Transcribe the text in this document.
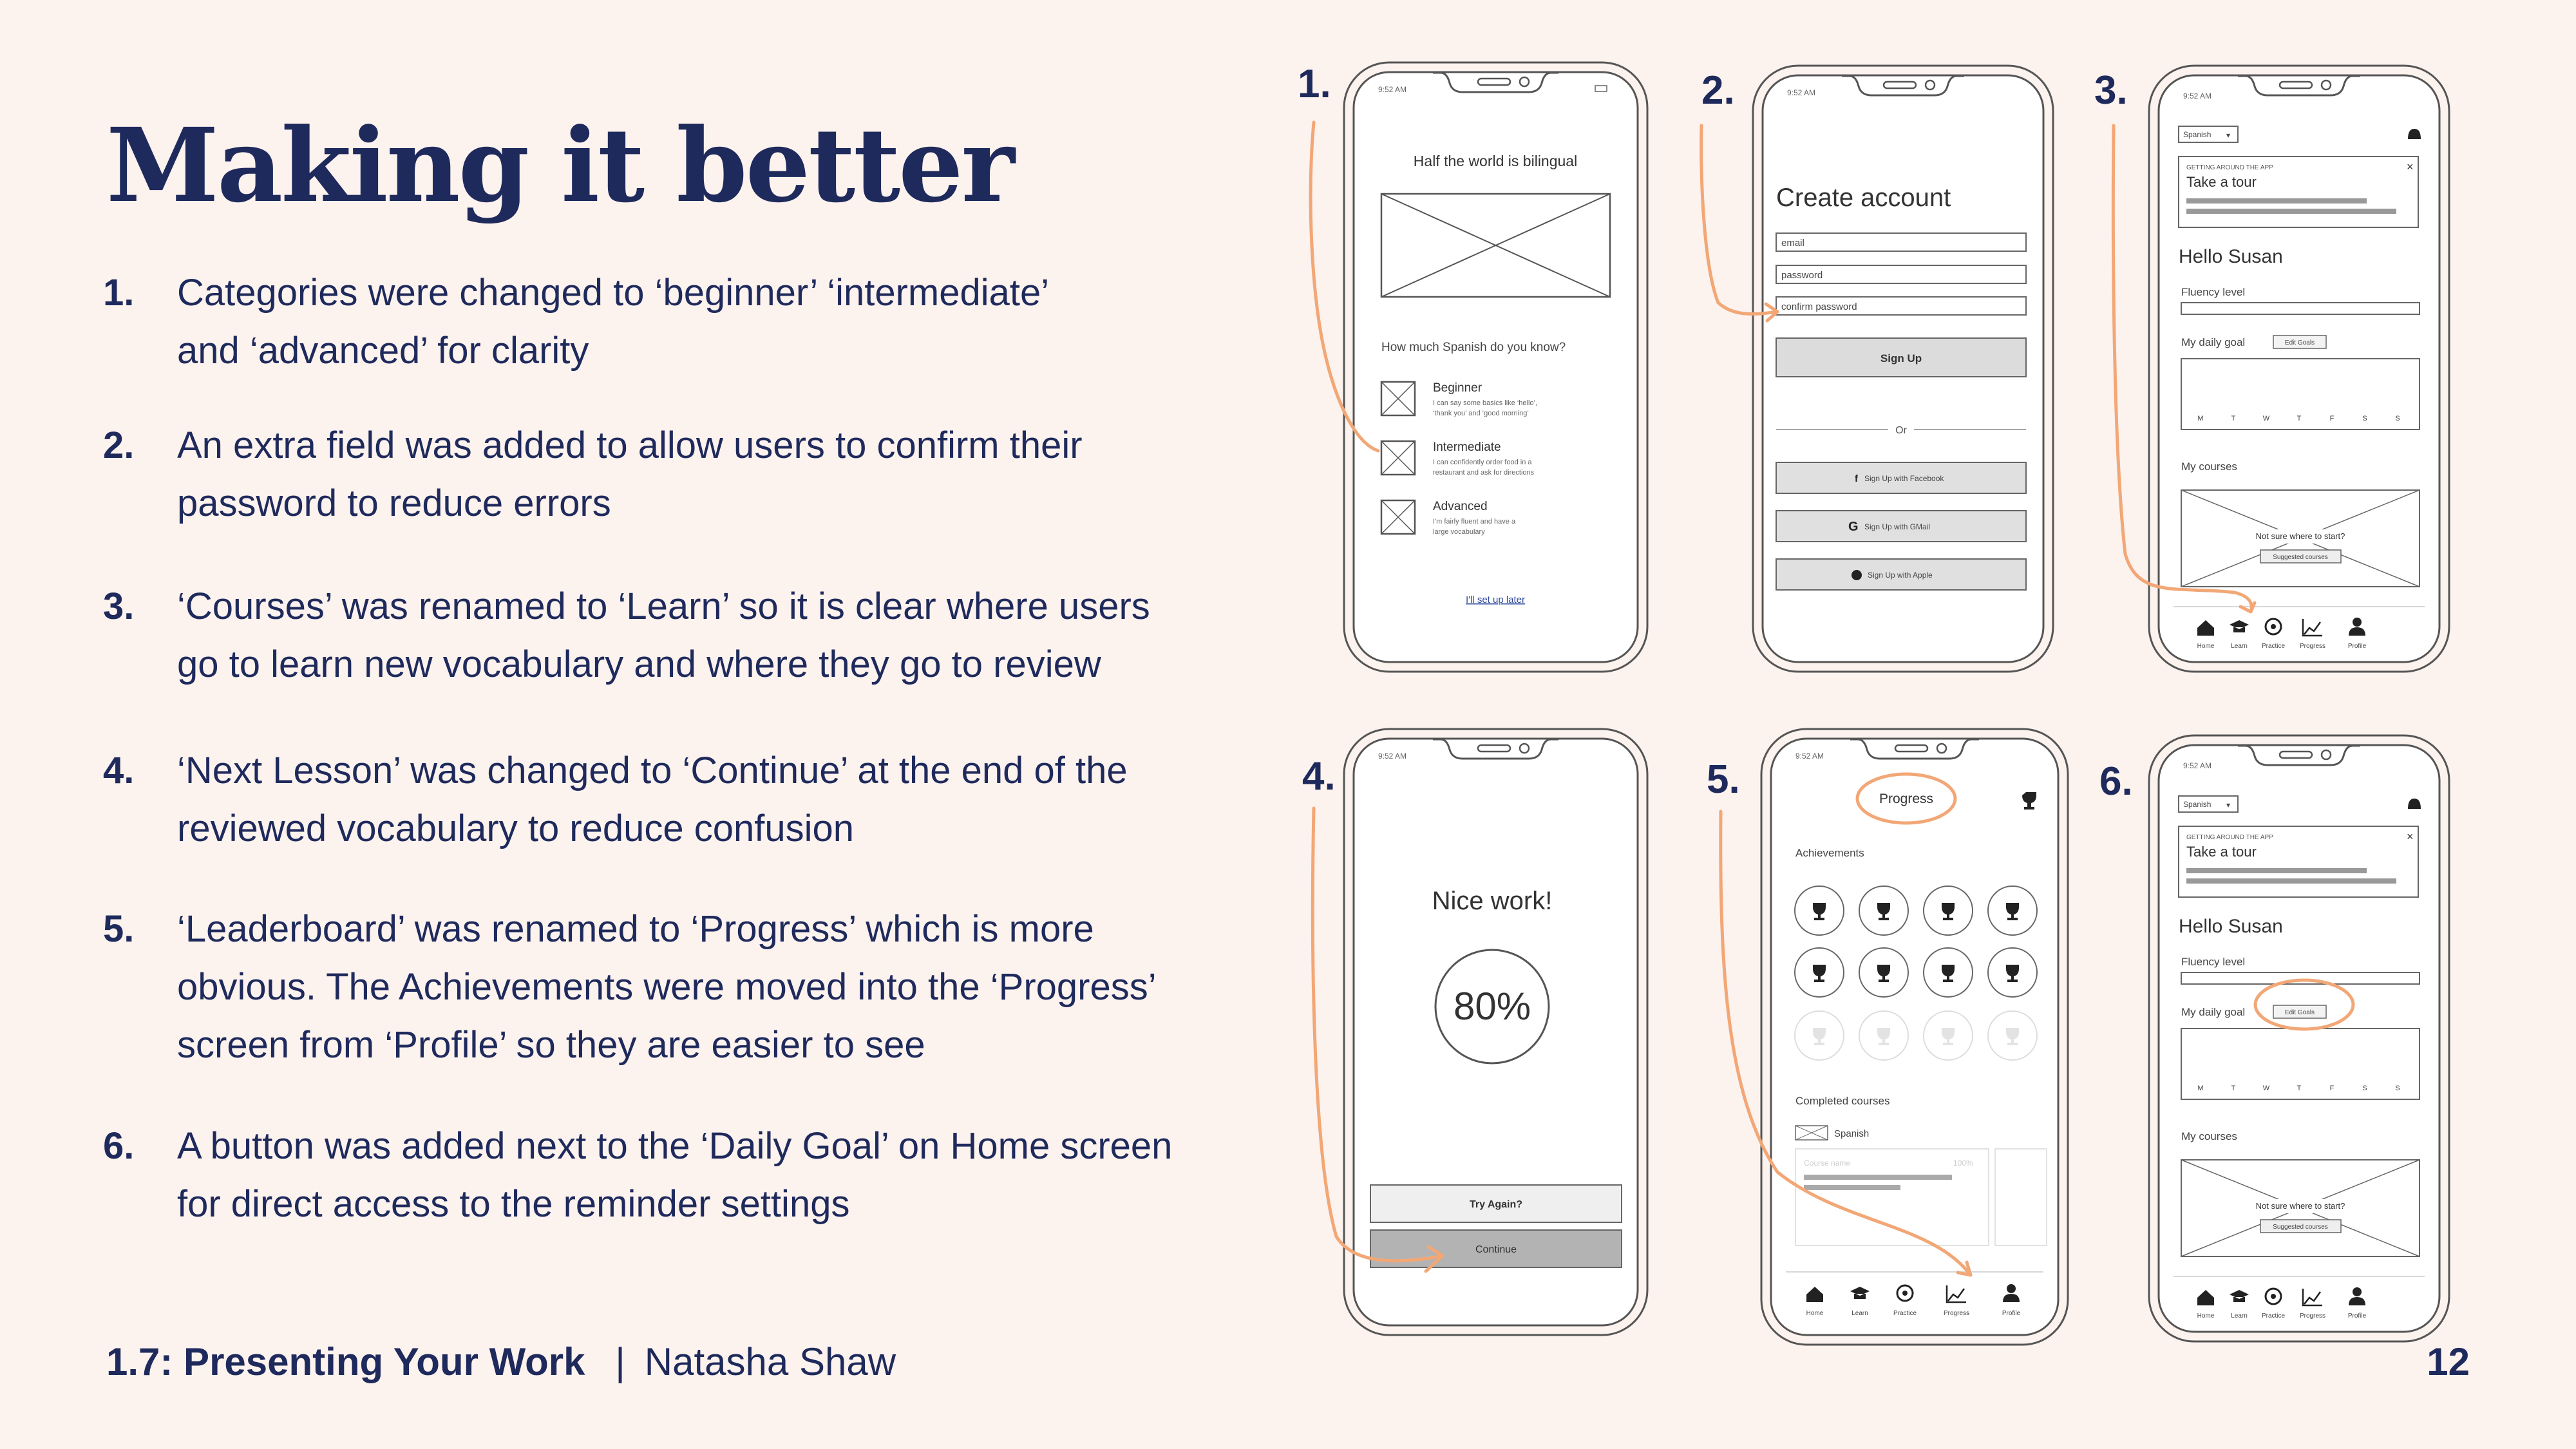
Making it better
1.	Categories were changed to ‘beginner’ ‘intermediate’
and ‘advanced’ for clarity
2.	An extra field was added to allow users to confirm their
password to reduce errors
3.	‘Courses’ was renamed to ‘Learn’ so it is clear where users
go to learn new vocabulary and where they go to review
4.	‘Next Lesson’ was changed to ‘Continue’ at the end of the
reviewed vocabulary to reduce confusion
5.	‘Leaderboard’ was renamed to ‘Progress’ which is more
obvious. The Achievements were moved into the ‘Progress’
screen from ‘Profile’ so they are easier to see
6.	A button was added next to the ‘Daily Goal’ on Home screen
for direct access to the reminder settings
1.7: Presenting Your Work | Natasha Shaw	12
1.	2.	3.
4.	5.	6.
9:52 AM
Half the world is bilingual
How much Spanish do you know?
Beginner
I can say some basics like ‘hello’,
‘thank you’ and ‘good morning’
Intermediate
I can confidently order food in a
restaurant and ask for directions
Advanced
I'm fairly fluent and have a
large vocabulary
I'll set up later
9:52 AM
Create account
email
password
confirm password
Sign Up
Or
f Sign Up with Facebook
G Sign Up with GMail
Sign Up with Apple
9:52 AM
Spanish ▾
GETTING AROUND THE APP
Take a tour
×
Hello Susan
Fluency level
My daily goal	Edit Goals
M	T	W	T	F	S	S
My courses
Not sure where to start?
Suggested courses
Home	Learn Practice Progress	Profile
9:52 AM
Nice work!
80%
Try Again?
Continue
9:52 AM
Progress
Achievements
Completed courses
Spanish
Course name	100%
Home	Learn	Practice	Progress	Profile
9:52 AM
Spanish ▾
GETTING AROUND THE APP
Take a tour
×
Hello Susan
Fluency level
My daily goal	Edit Goals
M	T	W	T	F	S	S
My courses
Not sure where to start?
Suggested courses
Home	Learn Practice Progress	Profile
